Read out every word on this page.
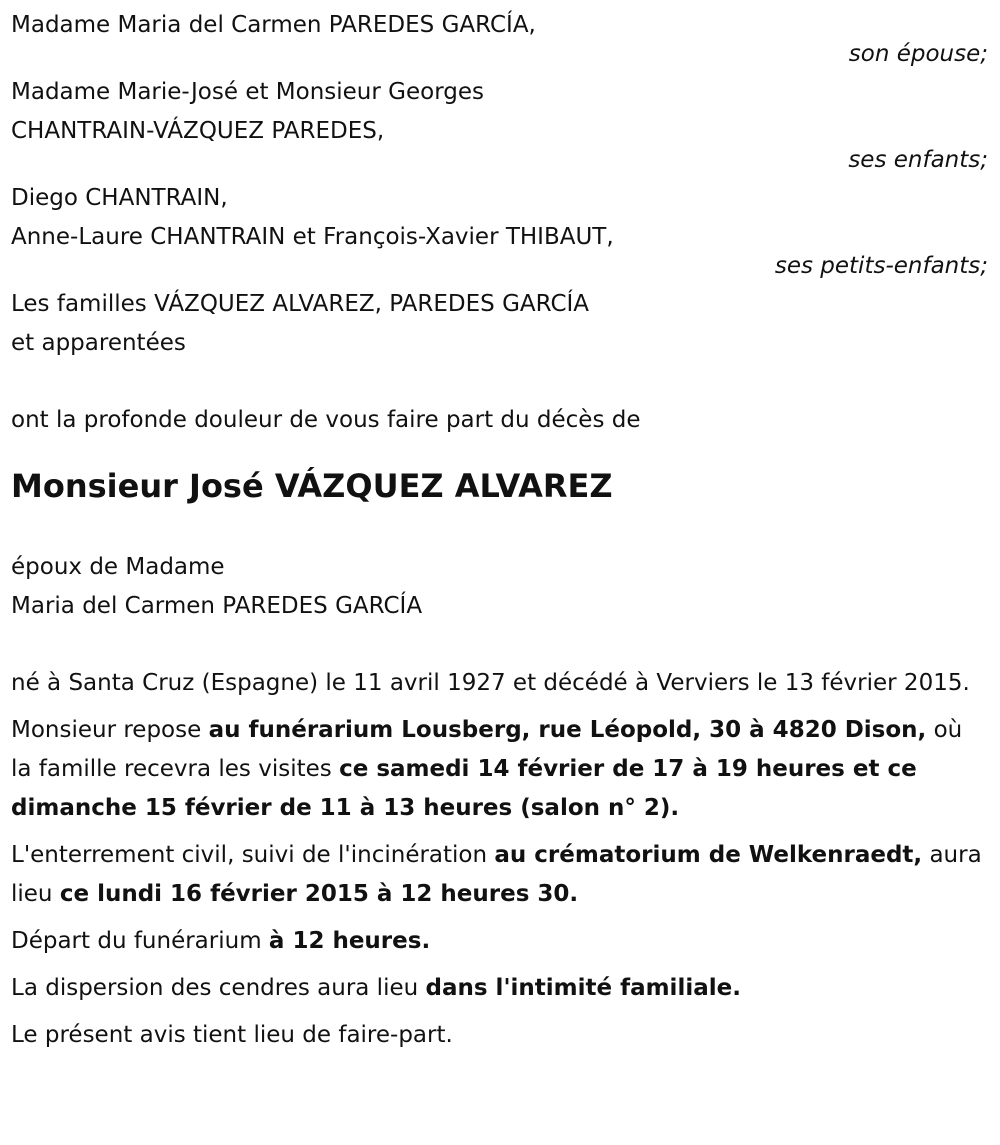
Madame Maria del Carmen PAREDES GARCÍA,

son épouse;

Madame Marie-José et Monsieur Georges

CHANTRAIN-VÁZQUEZ PAREDES,

ses enfants;

Diego CHANTRAIN,

Anne-Laure CHANTRAIN et François-Xavier THIBAUT,

ses petits-enfants;

Les familles VÁZQUEZ ALVAREZ, PAREDES GARCÍA

et apparentées

ont la profonde douleur de vous faire part du décès de

Monsieur José VÁZQUEZ ALVAREZ

époux de Madame

Maria del Carmen PAREDES GARCÍA

né à Santa Cruz (Espagne) le 11 avril 1927 et décédé à Verviers le 13 février 2015.

Monsieur repose au funérarium Lousberg, rue Léopold, 30 à 4820 Dison, où la famille recevra les visites ce samedi 14 février de 17 à 19 heures et ce dimanche 15 février de 11 à 13 heures (salon n° 2).

L'enterrement civil, suivi de l'incinération au crématorium de Welkenraedt, aura lieu ce lundi 16 février 2015 à 12 heures 30.

Départ du funérarium à 12 heures.

La dispersion des cendres aura lieu dans l'intimité familiale.

Le présent avis tient lieu de faire-part.
